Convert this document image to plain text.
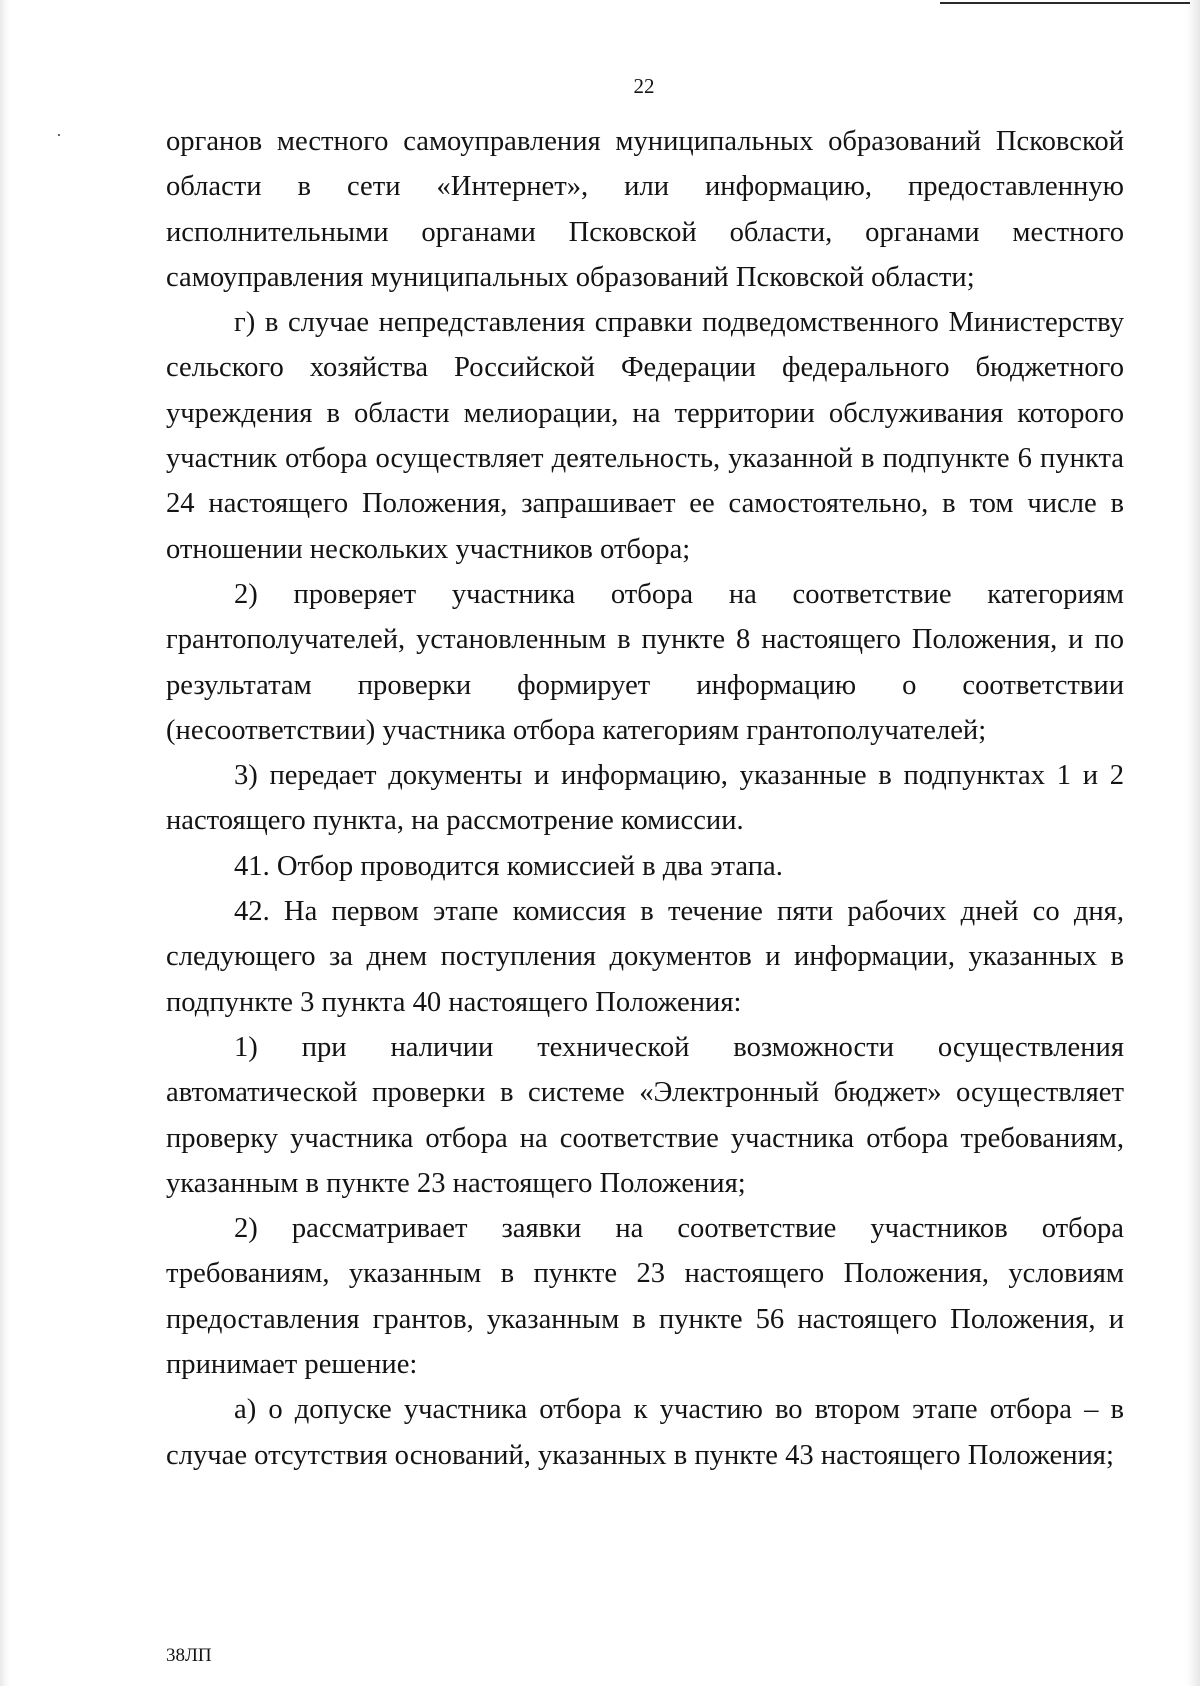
22

органов местного самоуправления муниципальных образований Псковской области в сети «Интернет», или информацию, предоставленную исполнительными органами Псковской области, органами местного самоуправления муниципальных образований Псковской области;

г) в случае непредставления справки подведомственного Министерству сельского хозяйства Российской Федерации федерального бюджетного учреждения в области мелиорации, на территории обслуживания которого участник отбора осуществляет деятельность, указанной в подпункте 6 пункта 24 настоящего Положения, запрашивает ее самостоятельно, в том числе в отношении нескольких участников отбора;

2) проверяет участника отбора на соответствие категориям грантополучателей, установленным в пункте 8 настоящего Положения, и по результатам проверки формирует информацию о соответствии (несоответствии) участника отбора категориям грантополучателей;

3) передает документы и информацию, указанные в подпунктах 1 и 2 настоящего пункта, на рассмотрение комиссии.

41. Отбор проводится комиссией в два этапа.

42. На первом этапе комиссия в течение пяти рабочих дней со дня, следующего за днем поступления документов и информации, указанных в подпункте 3 пункта 40 настоящего Положения:

1) при наличии технической возможности осуществления автоматической проверки в системе «Электронный бюджет» осуществляет проверку участника отбора на соответствие участника отбора требованиям, указанным в пункте 23 настоящего Положения;

2) рассматривает заявки на соответствие участников отбора требованиям, указанным в пункте 23 настоящего Положения, условиям предоставления грантов, указанным в пункте 56 настоящего Положения, и принимает решение:

а) о допуске участника отбора к участию во втором этапе отбора – в случае отсутствия оснований, указанных в пункте 43 настоящего Положения;

38ЛП
